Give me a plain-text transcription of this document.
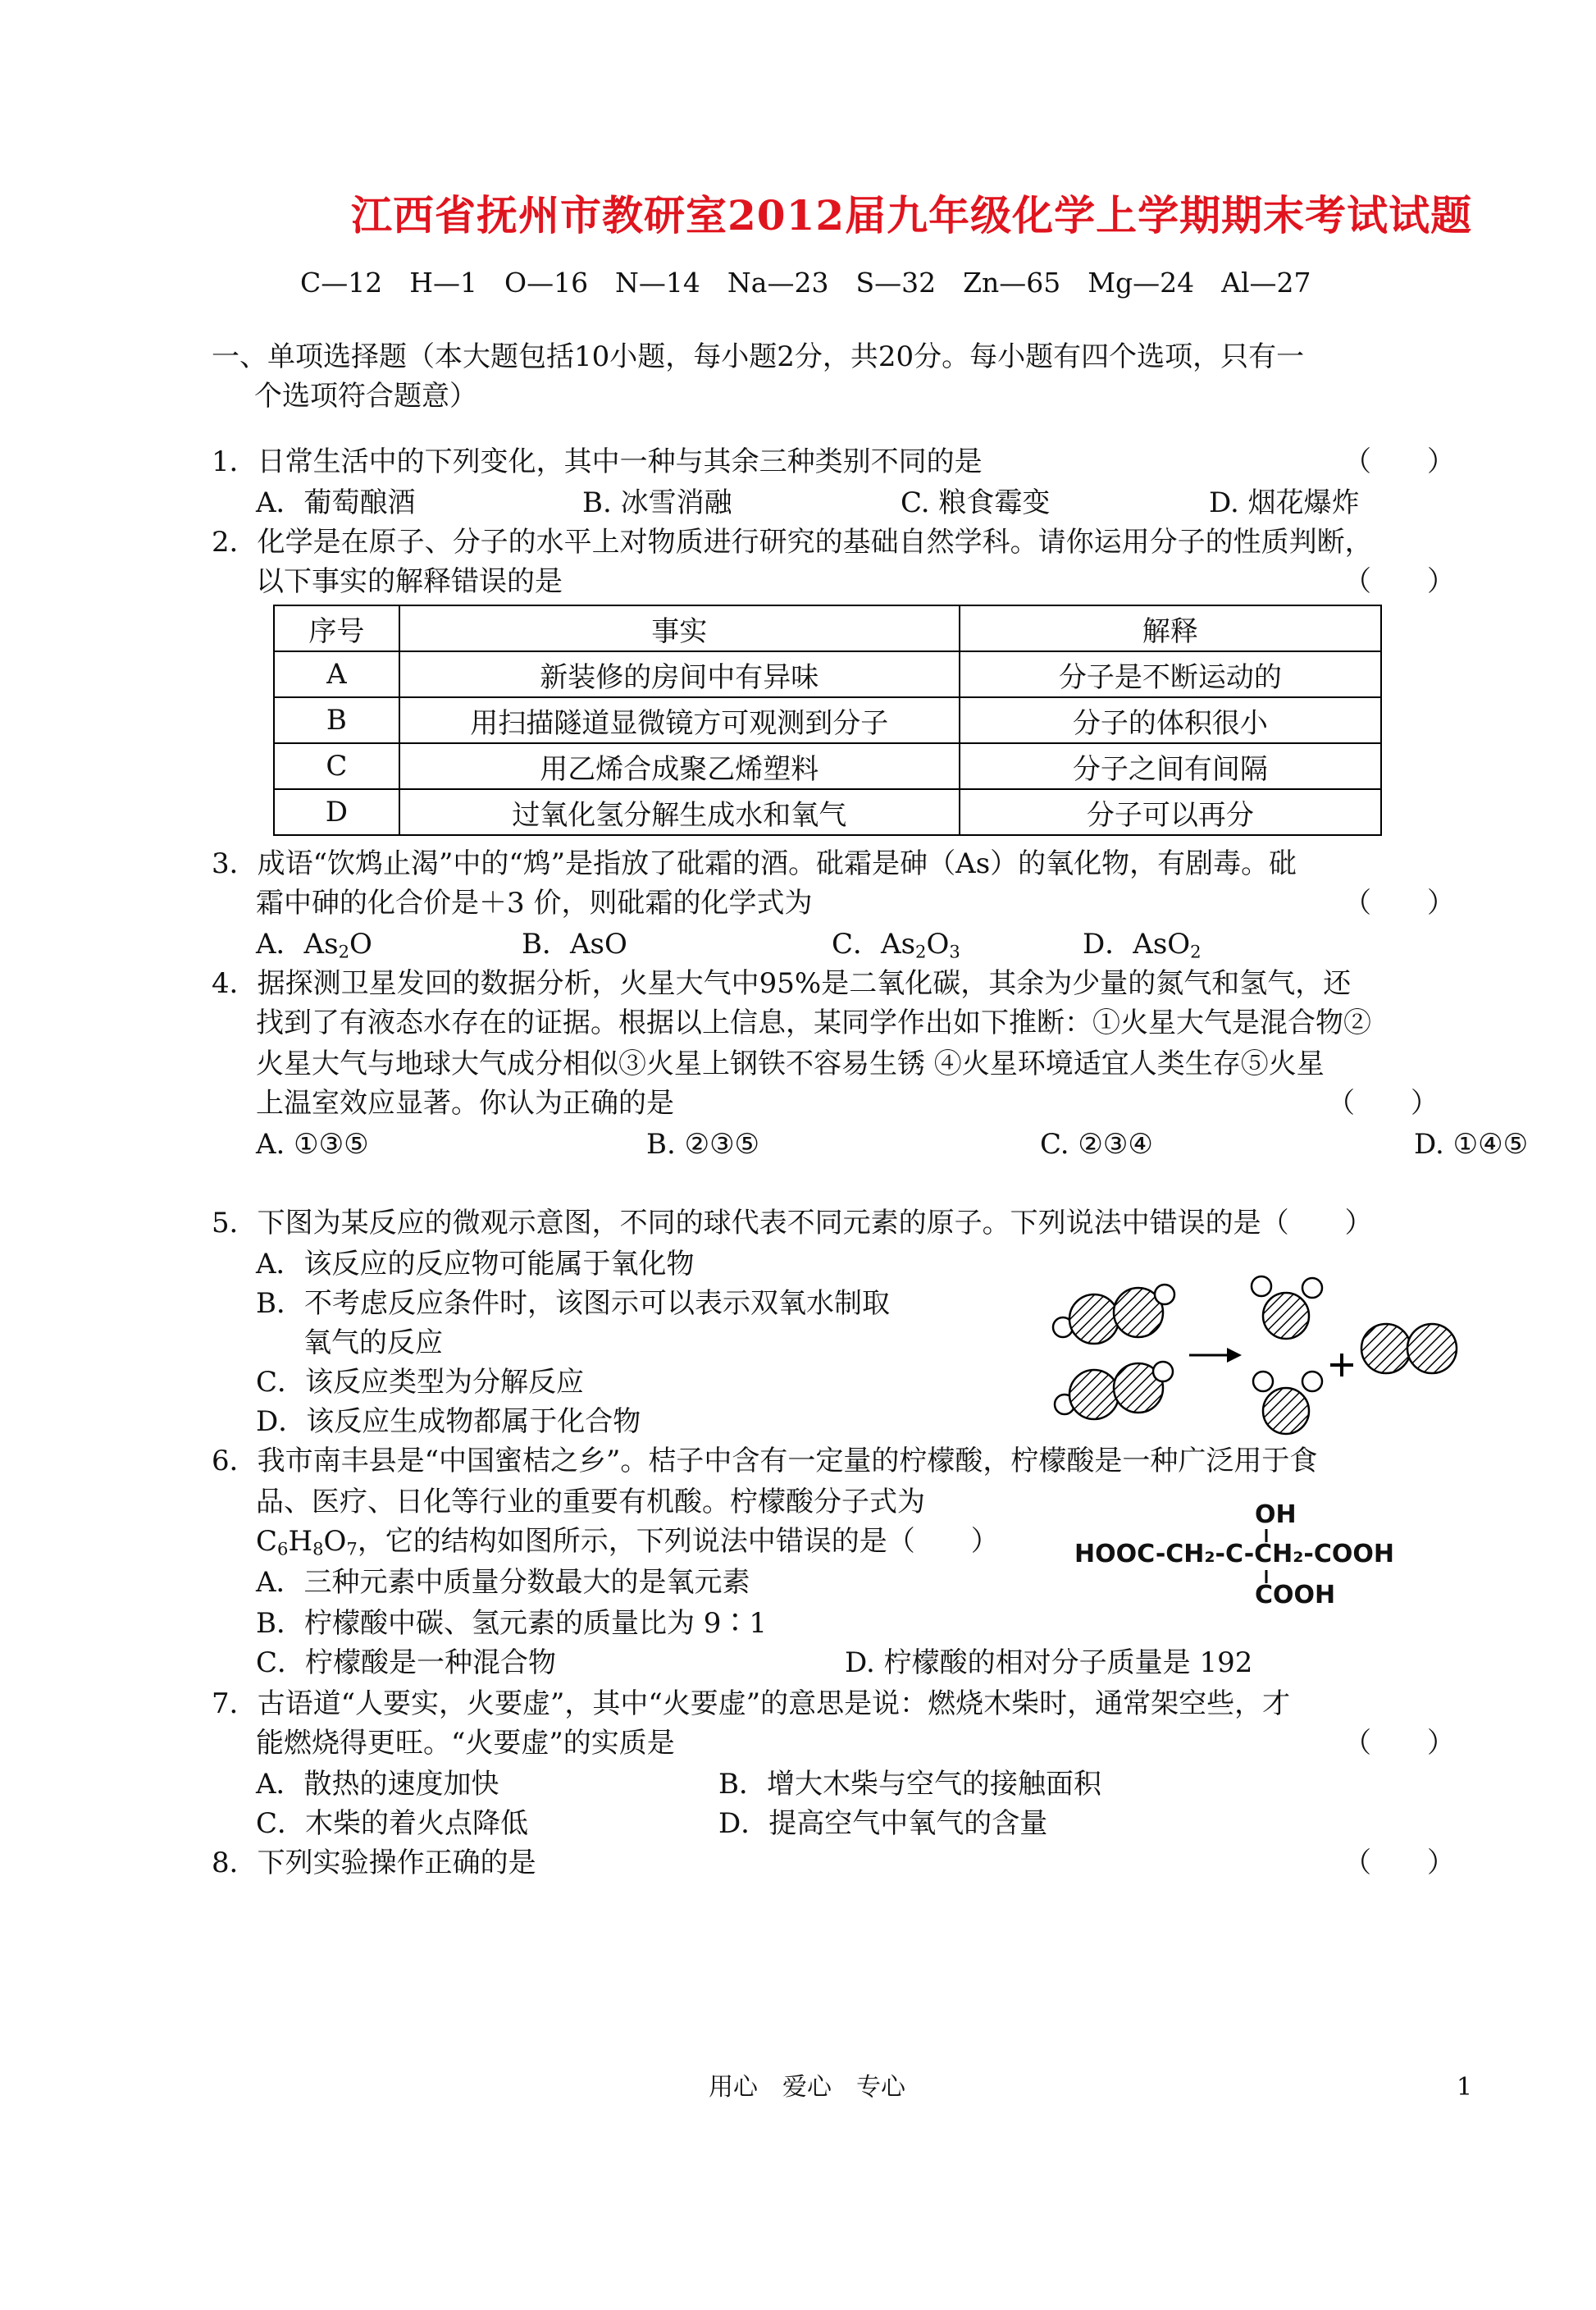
江西省抚州市教研室2012届九年级化学上学期期末考试试题
C—12　H—1　O—16　N—14　Na—23　S—32　Zn—65　Mg—24　Al—27
一、单项选择题（本大题包括10小题，每小题2分，共20分。每小题有四个选项，只有一
个选项符合题意）
1．日常生活中的下列变化，其中一种与其余三种类别不同的是	（　　）
A．葡萄酿酒	B. 冰雪消融	C. 粮食霉变	D. 烟花爆炸
2．化学是在原子、分子的水平上对物质进行研究的基础自然学科。请你运用分子的性质判断，
以下事实的解释错误的是	（　　）
序号	事实	解释
A	新装修的房间中有异味	分子是不断运动的
B	用扫描隧道显微镜方可观测到分子	分子的体积很小
C	用乙烯合成聚乙烯塑料	分子之间有间隔
D	过氧化氢分解生成水和氧气	分子可以再分
3．成语“饮鸩止渴”中的“鸩”是指放了砒霜的酒。砒霜是砷（As）的氧化物，有剧毒。砒
霜中砷的化合价是＋3 价，则砒霜的化学式为	（　　）
A．$As_2O$	B．AsO	C．$As_2O_3$	D．AsO$_2$
4．据探测卫星发回的数据分析，火星大气中95%是二氧化碳，其余为少量的氮气和氢气，还
找到了有液态水存在的证据。根据以上信息，某同学作出如下推断：①火星大气是混合物②
火星大气与地球大气成分相似③火星上钢铁不容易生锈 ④火星环境适宜人类生存⑤火星
上温室效应显著。你认为正确的是	（　　）
A. ①③⑤	B. ②③⑤	C. ②③④	D. ①④⑤
5．下图为某反应的微观示意图，不同的球代表不同元素的原子。下列说法中错误的是（　　）
A．该反应的反应物可能属于氧化物
B．不考虑反应条件时，该图示可以表示双氧水制取
氧气的反应
C．该反应类型为分解反应
D．该反应生成物都属于化合物
6．我市南丰县是“中国蜜桔之乡”。桔子中含有一定量的柠檬酸，柠檬酸是一种广泛用于食
品、医疗、日化等行业的重要有机酸。柠檬酸分子式为
$C_6H_8O_7$，它的结构如图所示，下列说法中错误的是（　　）
OH
HOOC-CH₂-C-CH₂-COOH
COOH
A．三种元素中质量分数最大的是氧元素
B．柠檬酸中碳、氢元素的质量比为 9∶1
C．柠檬酸是一种混合物	D. 柠檬酸的相对分子质量是 192
7．古语道“人要实，火要虚”，其中“火要虚”的意思是说：燃烧木柴时，通常架空些，才
能燃烧得更旺。“火要虚”的实质是	（　　）
A．散热的速度加快	B．增大木柴与空气的接触面积
C．木柴的着火点降低	D．提高空气中氧气的含量
8．下列实验操作正确的是	（　　）
用心　爱心　专心	1
